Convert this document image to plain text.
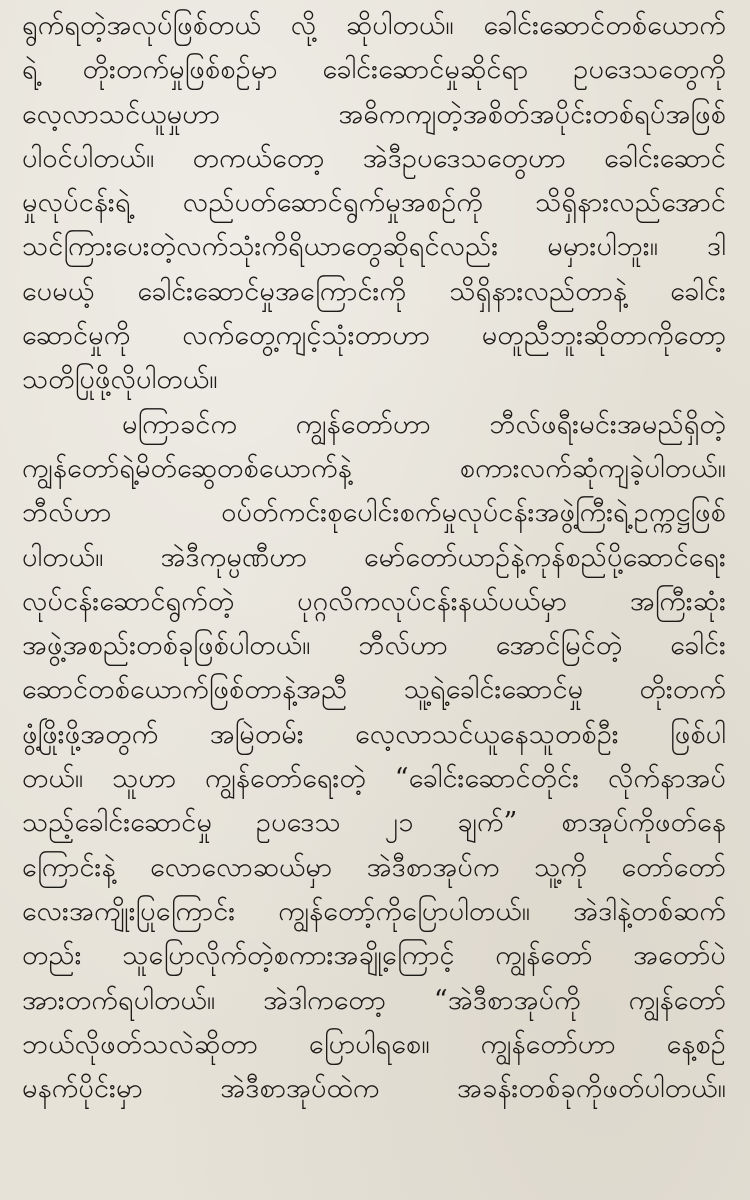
ရွက်ရတဲ့အလုပ်ဖြစ်တယ် လို့ ဆိုပါတယ်။ ခေါင်းဆောင်တစ်ယောက်
ရဲ့ တိုးတက်မှုဖြစ်စဉ်မှာ ခေါင်းဆောင်မှုဆိုင်ရာ ဥပဒေသတွေကို
လေ့လာသင်ယူမှုဟာ အဓိကကျတဲ့အစိတ်အပိုင်းတစ်ရပ်အဖြစ်
ပါဝင်ပါတယ်။ တကယ်တော့ အဲဒီဥပဒေသတွေဟာ ခေါင်းဆောင်
မှုလုပ်ငန်းရဲ့ လည်ပတ်ဆောင်ရွက်မှုအစဉ်ကို သိရှိနားလည်အောင်
သင်ကြားပေးတဲ့လက်သုံးကိရိယာတွေဆိုရင်လည်း မမှားပါဘူး။ ဒါ
ပေမယ့် ခေါင်းဆောင်မှုအကြောင်းကို သိရှိနားလည်တာနဲ့ ခေါင်း
ဆောင်မှုကို လက်တွေ့ကျင့်သုံးတာဟာ မတူညီဘူးဆိုတာကိုတော့
သတိပြုဖို့လိုပါတယ်။
မကြာခင်က ကျွန်တော်ဟာ ဘီလ်ဖရီးမင်းအမည်ရှိတဲ့
ကျွန်တော်ရဲ့မိတ်ဆွေတစ်ယောက်နဲ့ စကားလက်ဆုံကျခဲ့ပါတယ်။
ဘီလ်ဟာ ဝပ်တ်ကင်းစုပေါင်းစက်မှုလုပ်ငန်းအဖွဲ့ကြီးရဲ့ဥက္ကဋ္ဌဖြစ်
ပါတယ်။ အဲဒီကုမ္ပဏီဟာ မော်တော်ယာဉ်နဲ့ကုန်စည်ပို့ဆောင်ရေး
လုပ်ငန်းဆောင်ရွက်တဲ့ ပုဂ္ဂလိကလုပ်ငန်းနယ်ပယ်မှာ အကြီးဆုံး
အဖွဲ့အစည်းတစ်ခုဖြစ်ပါတယ်။ ဘီလ်ဟာ အောင်မြင်တဲ့ ခေါင်း
ဆောင်တစ်ယောက်ဖြစ်တာနဲ့အညီ သူ့ရဲ့ခေါင်းဆောင်မှု တိုးတက်
ဖွံ့ဖြိုးဖို့အတွက် အမြဲတမ်း လေ့လာသင်ယူနေသူတစ်ဦး ဖြစ်ပါ
တယ်။ သူဟာ ကျွန်တော်ရေးတဲ့ “ခေါင်းဆောင်တိုင်း လိုက်နာအပ်
သည့်ခေါင်းဆောင်မှု ဥပဒေသ ၂၁ ချက်” စာအုပ်ကိုဖတ်နေ
ကြောင်းနဲ့ လောလောဆယ်မှာ အဲဒီစာအုပ်က သူ့ကို တော်တော်
လေးအကျိုးပြုကြောင်း ကျွန်တော့်ကိုပြောပါတယ်။ အဲဒါနဲ့တစ်ဆက်
တည်း သူပြောလိုက်တဲ့စကားအချို့ကြောင့် ကျွန်တော် အတော်ပဲ
အားတက်ရပါတယ်။ အဲဒါကတော့ “အဲဒီစာအုပ်ကို ကျွန်တော်
ဘယ်လိုဖတ်သလဲဆိုတာ ပြောပါရစေ။ ကျွန်တော်ဟာ နေ့စဉ်
မနက်ပိုင်းမှာ အဲဒီစာအုပ်ထဲက အခန်းတစ်ခုကိုဖတ်ပါတယ်။
